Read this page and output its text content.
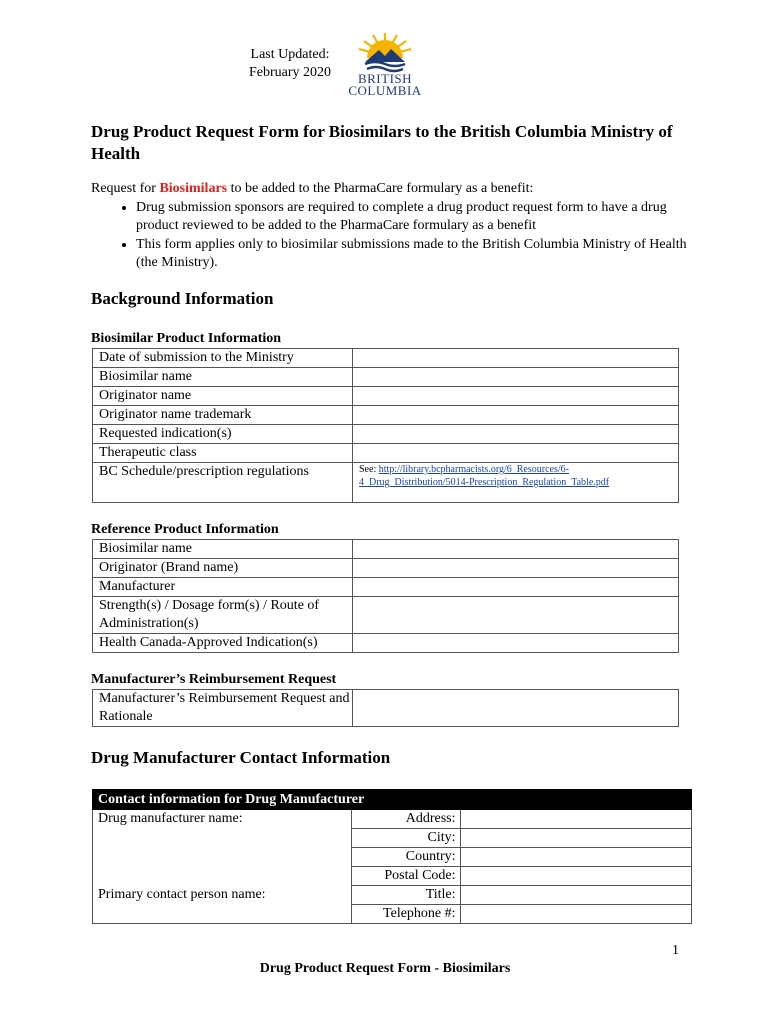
Last Updated:
February 2020	BRITISH
COLUMBIA
Drug Product Request Form for Biosimilars to the British Columbia Ministry of Health
Request for Biosimilars to be added to the PharmaCare formulary as a benefit:
• Drug submission sponsors are required to complete a drug product request form to have a drug product reviewed to be added to the PharmaCare formulary as a benefit
• This form applies only to biosimilar submissions made to the British Columbia Ministry of Health (the Ministry).
Background Information
Biosimilar Product Information
Date of submission to the Ministry	
Biosimilar name	
Originator name	
Originator name trademark	
Requested indication(s)	
Therapeutic class	
BC Schedule/prescription regulations	See: http://library.bcpharmacists.org/6_Resources/6-4_Drug_Distribution/5014-Prescription_Regulation_Table.pdf
Reference Product Information
Biosimilar name	
Originator (Brand name)	
Manufacturer	
Strength(s) / Dosage form(s) / Route of Administration(s)	
Health Canada-Approved Indication(s)	
Manufacturer’s Reimbursement Request
Manufacturer’s Reimbursement Request and Rationale	
Drug Manufacturer Contact Information
Contact information for Drug Manufacturer		
Drug manufacturer name:	Address:	
	City:	
	Country:	
	Postal Code:	
Primary contact person name:	Title:	
	Telephone #:	
1
Drug Product Request Form - Biosimilars
